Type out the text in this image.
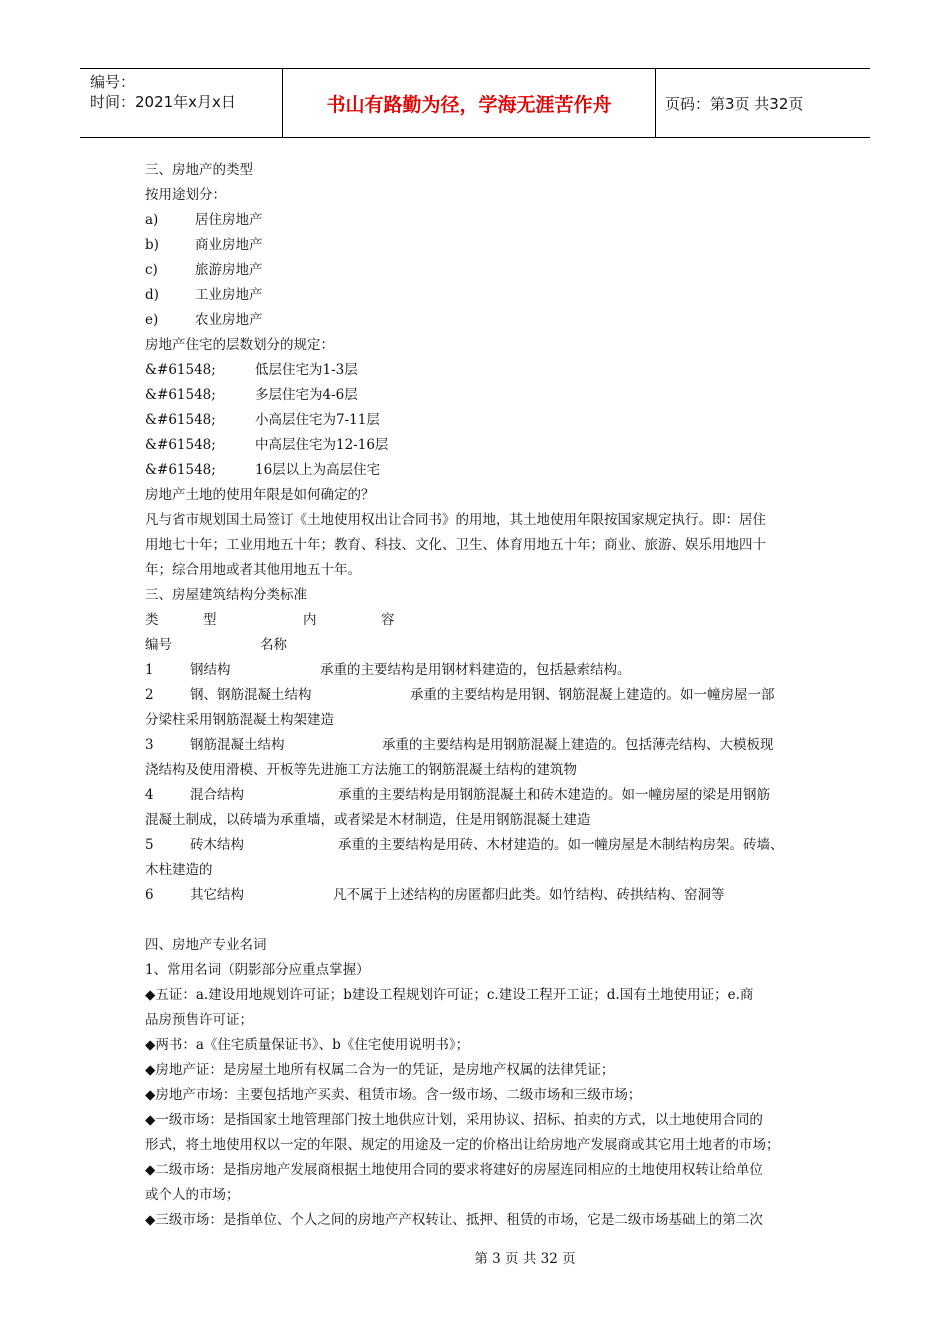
编号：
时间：2021年x月x日	书山有路勤为径，学海无涯苦作舟	页码：第3页 共32页
三、房地产的类型
按用途划分：
a)	居住房地产
b)	商业房地产
c)	旅游房地产
d)	工业房地产
e)	农业房地产
房地产住宅的层数划分的规定：
&#61548;	低层住宅为1-3层
&#61548;	多层住宅为4-6层
&#61548;	小高层住宅为7-11层
&#61548;	中高层住宅为12-16层
&#61548;	16层以上为高层住宅
房地产土地的使用年限是如何确定的？
凡与省市规划国土局签订《土地使用权出让合同书》的用地，其土地使用年限按国家规定执行。即：居住
用地七十年；工业用地五十年；教育、科技、文化、卫生、体育用地五十年；商业、旅游、娱乐用地四十
年；综合用地或者其他用地五十年。
三、房屋建筑结构分类标准
类	型	内	容
编号	名称
1	钢结构	承重的主要结构是用钢材料建造的，包括悬索结构。
2	钢、钢筋混凝土结构	承重的主要结构是用钢、钢筋混凝上建造的。如一幢房屋一部
分梁柱采用钢筋混凝土构架建造
3	钢筋混凝土结构	承重的主要结构是用钢筋混凝上建造的。包括薄壳结构、大模板现
浇结构及使用滑模、开板等先进施工方法施工的钢筋混凝土结构的建筑物
4	混合结构	承重的主要结构是用钢筋混凝土和砖木建造的。如一幢房屋的梁是用钢筋
混凝土制成，以砖墙为承重墙，或者梁是木材制造，住是用钢筋混凝土建造
5	砖木结构	承重的主要结构是用砖、木材建造的。如一幢房屋是木制结构房架。砖墙、
木柱建造的
6	其它结构	凡不属于上述结构的房匿都归此类。如竹结构、砖拱结构、窑洞等
四、房地产专业名词
1、常用名词（阴影部分应重点掌握）
◆五证：a.建设用地规划许可证；b建设工程规划许可证；c.建设工程开工证；d.国有土地使用证；e.商
品房预售许可证；
◆两书：a《住宅质量保证书》、b《住宅使用说明书》；
◆房地产证：是房屋土地所有权属二合为一的凭证，是房地产权属的法律凭证；
◆房地产市场：主要包括地产买卖、租赁市场。含一级市场、二级市场和三级市场；
◆一级市场：是指国家土地管理部门按土地供应计划，采用协议、招标、拍卖的方式，以土地使用合同的
形式，将土地使用权以一定的年限、规定的用途及一定的价格出让给房地产发展商或其它用土地者的市场；
◆二级市场：是指房地产发展商根据土地使用合同的要求将建好的房屋连同相应的土地使用权转让给单位
或个人的市场；
◆三级市场：是指单位、个人之间的房地产产权转让、抵押、租赁的市场，它是二级市场基础上的第二次
第 3 页 共 32 页
